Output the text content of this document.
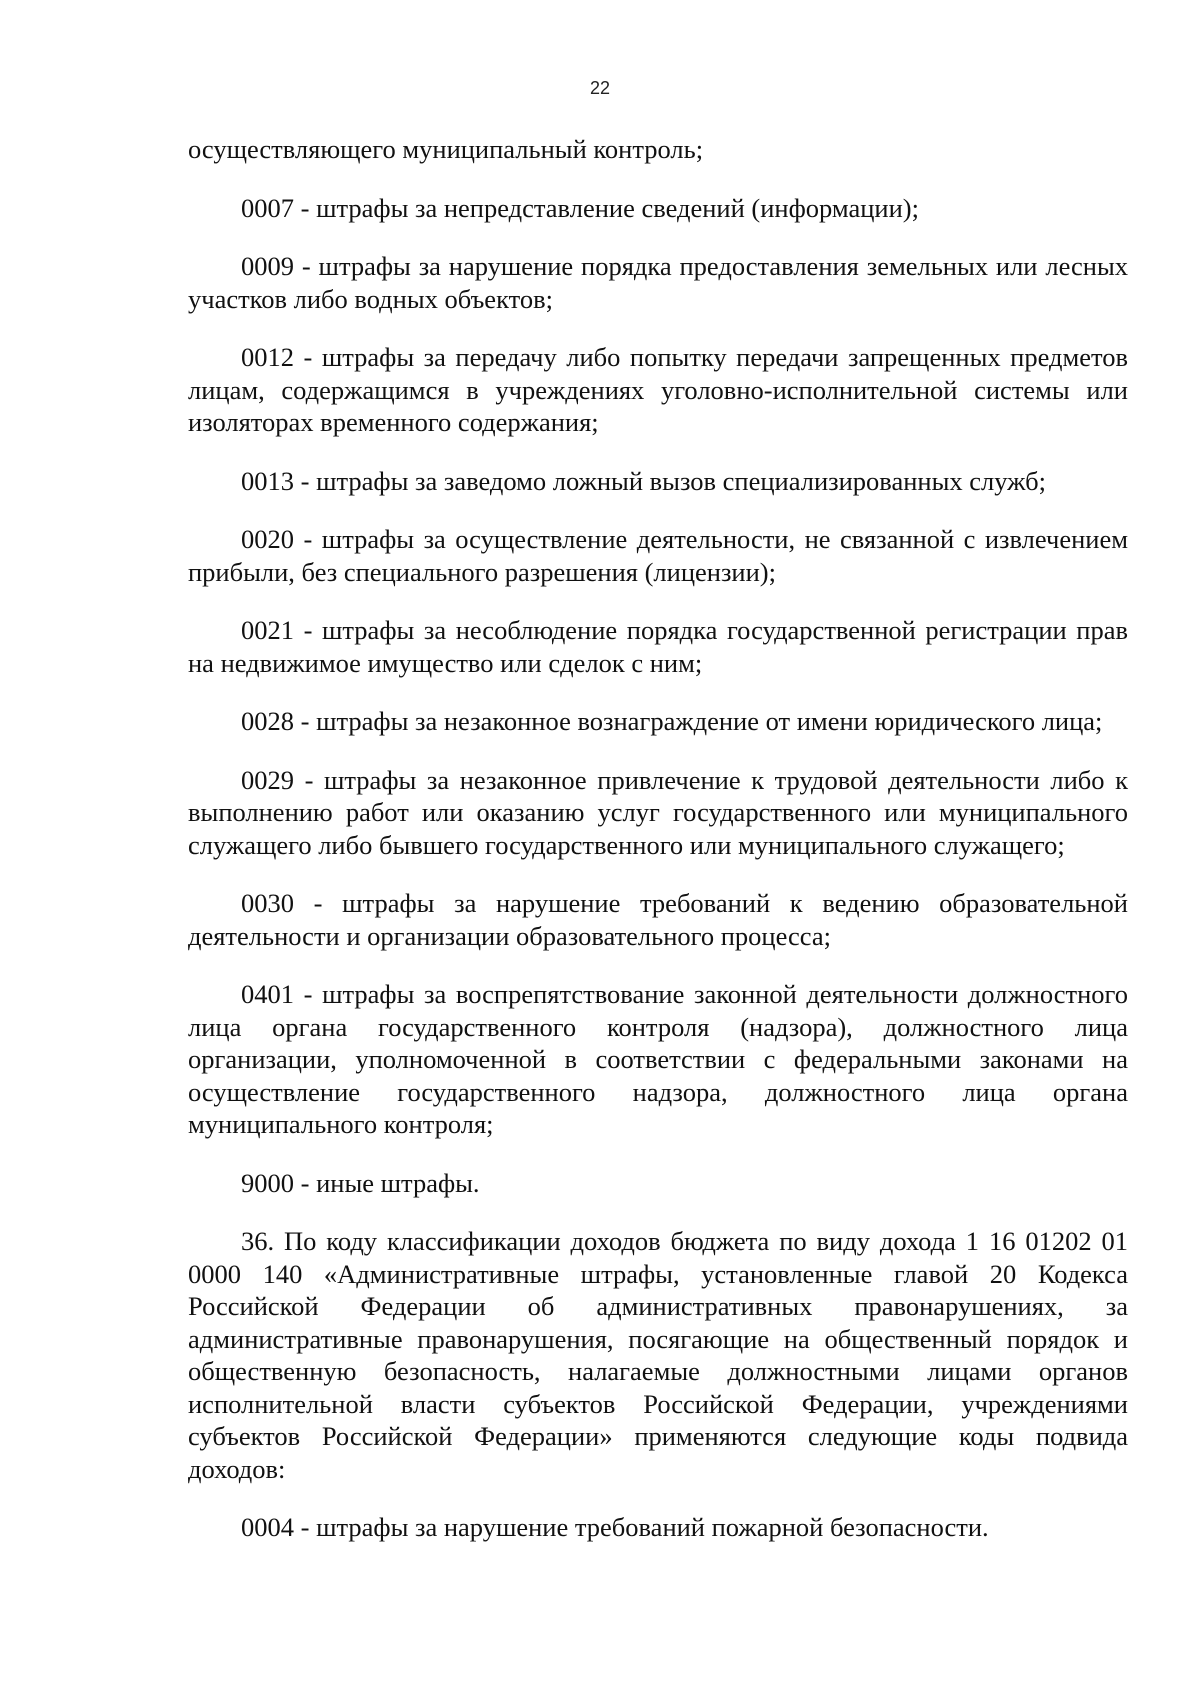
22

осуществляющего муниципальный контроль;

0007 - штрафы за непредставление сведений (информации);

0009 - штрафы за нарушение порядка предоставления земельных или лесных участков либо водных объектов;

0012 - штрафы за передачу либо попытку передачи запрещенных предметов лицам, содержащимся в учреждениях уголовно-исполнительной системы или изоляторах временного содержания;

0013 - штрафы за заведомо ложный вызов специализированных служб;

0020 - штрафы за осуществление деятельности, не связанной с извлечением прибыли, без специального разрешения (лицензии);

0021 - штрафы за несоблюдение порядка государственной регистрации прав на недвижимое имущество или сделок с ним;

0028 - штрафы за незаконное вознаграждение от имени юридического лица;

0029 - штрафы за незаконное привлечение к трудовой деятельности либо к выполнению работ или оказанию услуг государственного или муниципального служащего либо бывшего государственного или муниципального служащего;

0030 - штрафы за нарушение требований к ведению образовательной деятельности и организации образовательного процесса;

0401 - штрафы за воспрепятствование законной деятельности должностного лица органа государственного контроля (надзора), должностного лица организации, уполномоченной в соответствии с федеральными законами на осуществление государственного надзора, должностного лица органа муниципального контроля;

9000 - иные штрафы.

36. По коду классификации доходов бюджета по виду дохода 1 16 01202 01 0000 140 «Административные штрафы, установленные главой 20 Кодекса Российской Федерации об административных правонарушениях, за административные правонарушения, посягающие на общественный порядок и общественную безопасность, налагаемые должностными лицами органов исполнительной власти субъектов Российской Федерации, учреждениями субъектов Российской Федерации» применяются следующие коды подвида доходов:

0004 - штрафы за нарушение требований пожарной безопасности.
